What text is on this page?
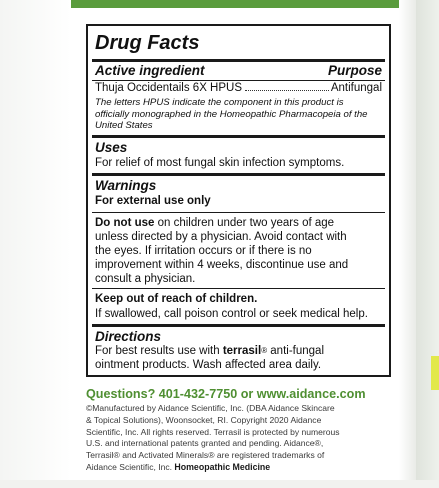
Drug Facts
Active ingredient	Purpose
Thuja Occidentails 6X HPUS	Antifungal
The letters HPUS indicate the component in this product is
officially monographed in the Homeopathic Pharmacopeia of the
United States
Uses
For relief of most fungal skin infection symptoms.
Warnings
For external use only
Do not use on children under two years of age
unless directed by a physician. Avoid contact with
the eyes. If irritation occurs or if there is no
improvement within 4 weeks, discontinue use and
consult a physician.
Keep out of reach of children.
If swallowed, call poison control or seek medical help.
Directions
For best results use with terrasil® anti-fungal
ointment products. Wash affected area daily.
Questions? 401-432-7750 or www.aidance.com
©Manufactured by Aidance Scientific, Inc. (DBA Aidance Skincare
& Topical Solutions), Woonsocket, RI. Copyright 2020 Aidance
Scientific, Inc. All rights reserved. Terrasil is protected by numerous
U.S. and international patents granted and pending. Aidance®,
Terrasil® and Activated Minerals® are registered trademarks of
Aidance Scientific, Inc. Homeopathic Medicine
